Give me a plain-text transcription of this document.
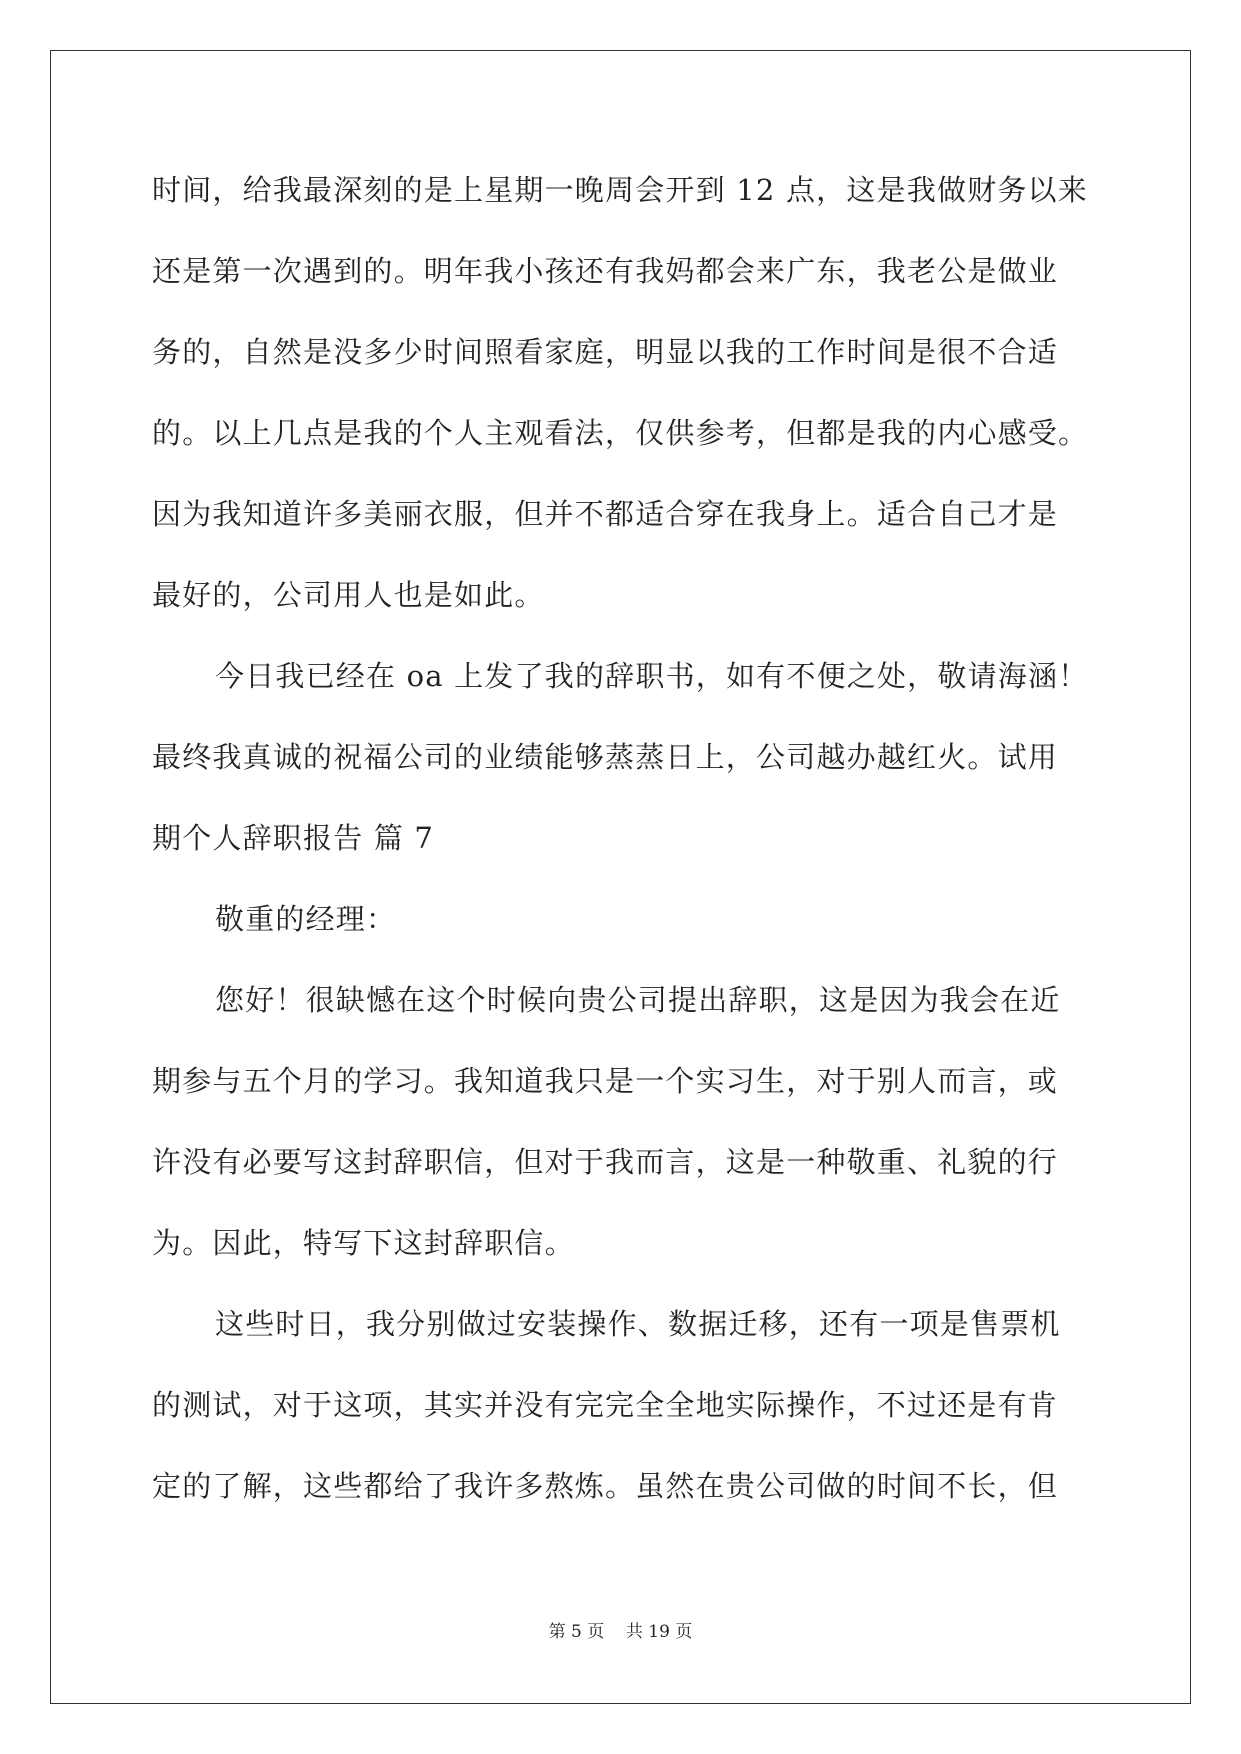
时间，给我最深刻的是上星期一晚周会开到 12 点，这是我做财务以来
还是第一次遇到的。明年我小孩还有我妈都会来广东，我老公是做业
务的，自然是没多少时间照看家庭，明显以我的工作时间是很不合适
的。以上几点是我的个人主观看法，仅供参考，但都是我的内心感受。
因为我知道许多美丽衣服，但并不都适合穿在我身上。适合自己才是
最好的，公司用人也是如此。
今日我已经在 oa 上发了我的辞职书，如有不便之处，敬请海涵！
最终我真诚的祝福公司的业绩能够蒸蒸日上，公司越办越红火。试用
期个人辞职报告 篇 7
敬重的经理：
您好！很缺憾在这个时候向贵公司提出辞职，这是因为我会在近
期参与五个月的学习。我知道我只是一个实习生，对于别人而言，或
许没有必要写这封辞职信，但对于我而言，这是一种敬重、礼貌的行
为。因此，特写下这封辞职信。
这些时日，我分别做过安装操作、数据迁移，还有一项是售票机
的测试，对于这项，其实并没有完完全全地实际操作，不过还是有肯
定的了解，这些都给了我许多熬炼。虽然在贵公司做的时间不长，但
第 5 页    共 19 页
